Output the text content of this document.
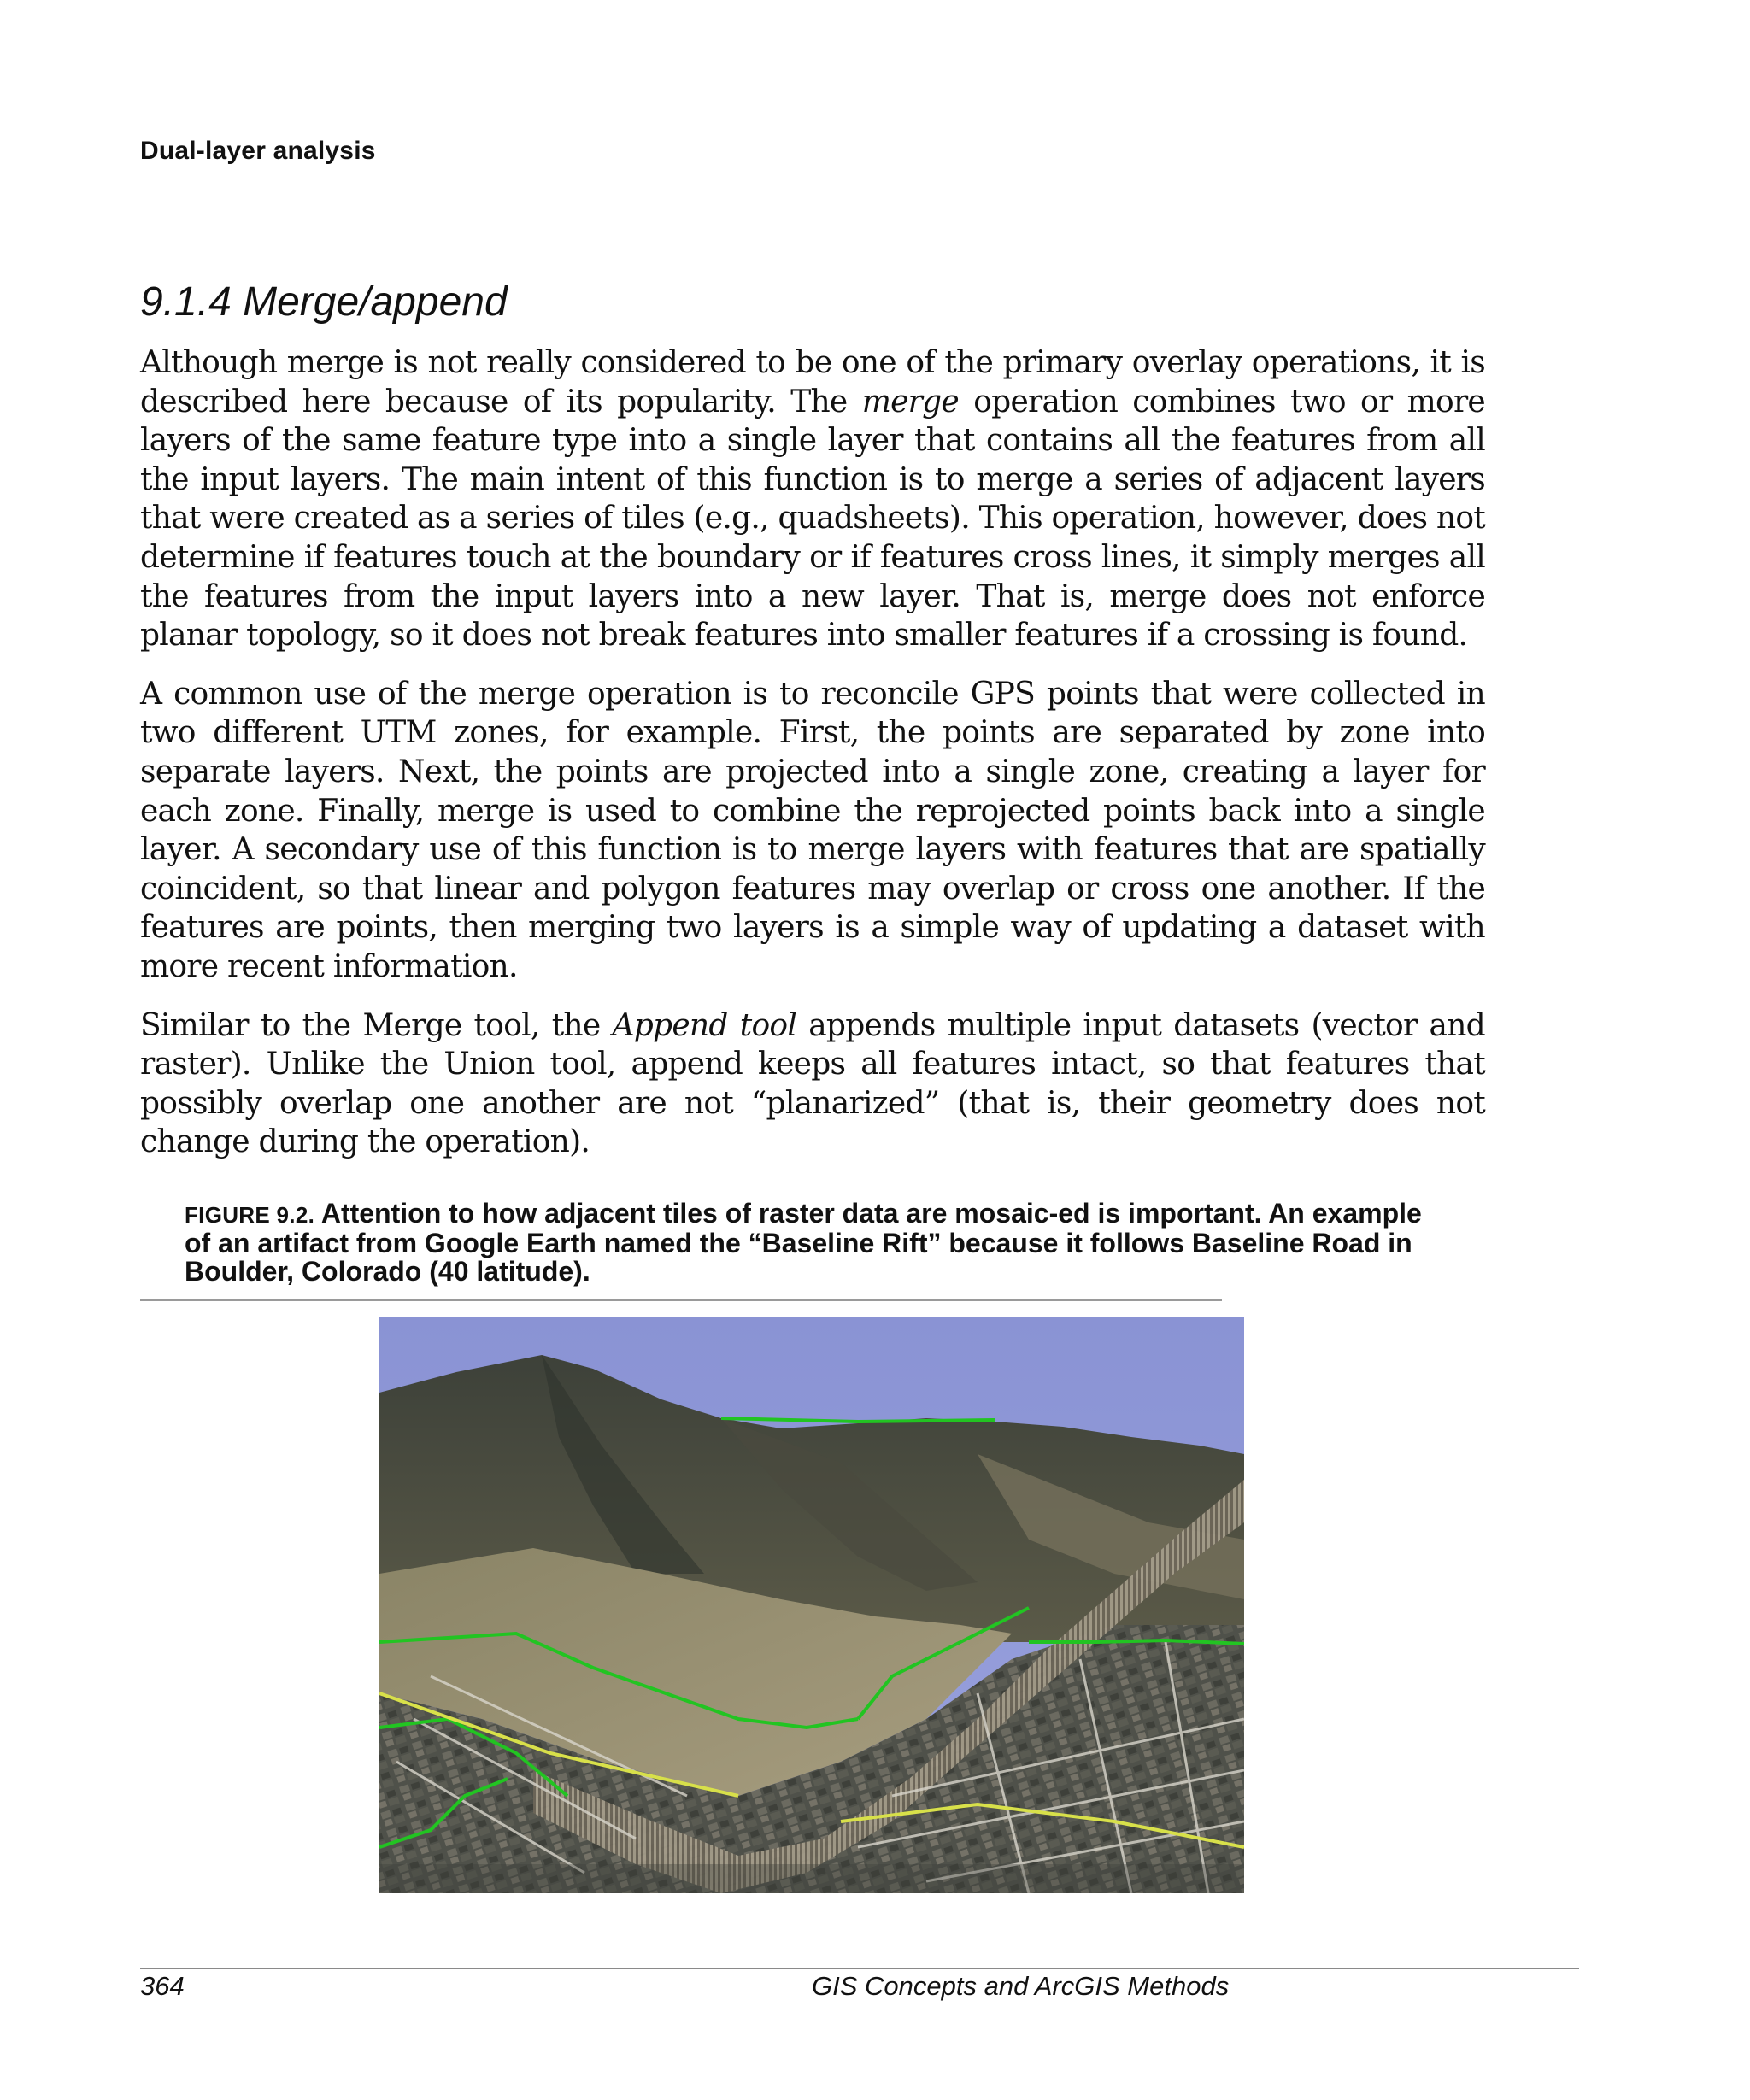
Dual-layer analysis
9.1.4 Merge/append

Although merge is not really considered to be one of the primary overlay operations, it is described here because of its popularity. The merge operation combines two or more layers of the same feature type into a single layer that contains all the features from all the input layers. The main intent of this function is to merge a series of adjacent layers that were created as a series of tiles (e.g., quadsheets). This operation, however, does not determine if features touch at the boundary or if features cross lines, it simply merges all the features from the input layers into a new layer. That is, merge does not enforce planar topology, so it does not break features into smaller features if a crossing is found.

A common use of the merge operation is to reconcile GPS points that were collected in two different UTM zones, for example. First, the points are separated by zone into separate layers. Next, the points are projected into a single zone, creating a layer for each zone. Finally, merge is used to combine the reprojected points back into a single layer. A secondary use of this function is to merge layers with features that are spatially coincident, so that linear and polygon features may overlap or cross one another. If the features are points, then merging two layers is a simple way of updating a dataset with more recent information.

Similar to the Merge tool, the Append tool appends multiple input datasets (vector and raster). Unlike the Union tool, append keeps all features intact, so that features that possibly overlap one another are not “planarized” (that is, their geometry does not change during the operation).

FIGURE 9.2. Attention to how adjacent tiles of raster data are mosaic-ed is important. An example of an artifact from Google Earth named the “Baseline Rift” because it follows Baseline Road in Boulder, Colorado (40 latitude).
364	GIS Concepts and ArcGIS Methods
